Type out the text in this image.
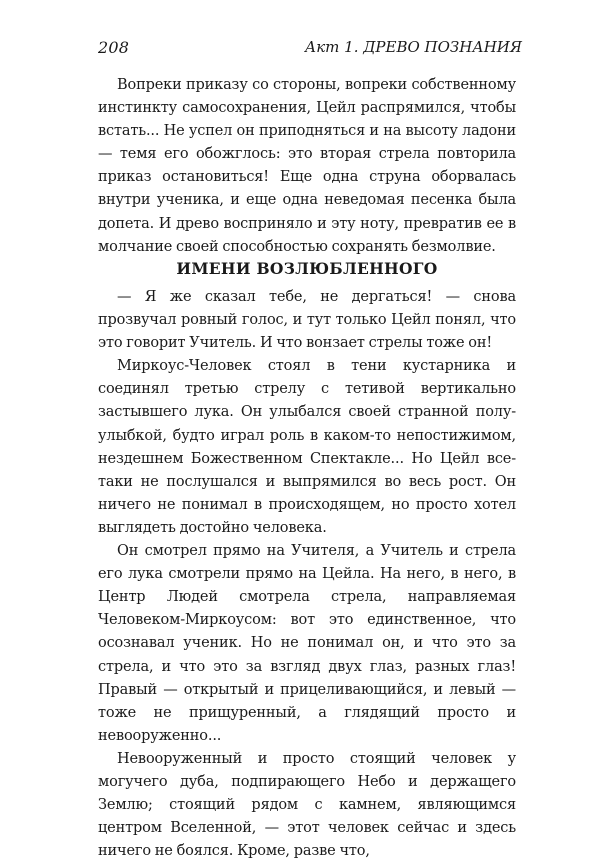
208	Акт 1. ДРЕВО ПОЗНАНИЯ

Вопреки приказу со стороны, вопреки собственному инстинкту самосохранения, Цейл распрямился, чтобы встать... Не успел он приподняться и на высоту ладони — темя его обожглось: это вторая стрела повторила приказ остановиться! Еще одна струна оборвалась внутри ученика, и еще одна неведомая песенка была допета. И древо восприняло и эту ноту, превратив ее в молчание своей способностью сохранять безмолвие.

ИМЕНИ ВОЗЛЮБЛЕННОГО

— Я же сказал тебе, не дергаться! — снова прозвучал ровный голос, и тут только Цейл понял, что это говорит Учитель. И что вонзает стрелы тоже он!

Миркоус-Человек стоял в тени кустарника и соединял третью стрелу с тетивой вертикально застывшего лука. Он улыбался своей странной полу-улыбкой, будто играл роль в каком-то непостижимом, нездешнем Божественном Спектакле... Но Цейл все-таки не послушался и выпрямился во весь рост. Он ничего не понимал в происходящем, но просто хотел выглядеть достойно человека.

Он смотрел прямо на Учителя, а Учитель и стрела его лука смотрели прямо на Цейла. На него, в него, в Центр Людей смотрела стрела, направляемая Человеком-Миркоусом: вот это единственное, что осознавал ученик. Но не понимал он, и что это за стрела, и что это за взгляд двух глаз, разных глаз! Правый — открытый и прицеливающийся, и левый — тоже не прищуренный, а глядящий просто и невооруженно...

Невооруженный и просто стоящий человек у могучего дуба, подпирающего Небо и держащего Землю; стоящий рядом с камнем, являющимся центром Вселенной, — этот человек сейчас и здесь ничего не боялся. Кроме, разве что,
